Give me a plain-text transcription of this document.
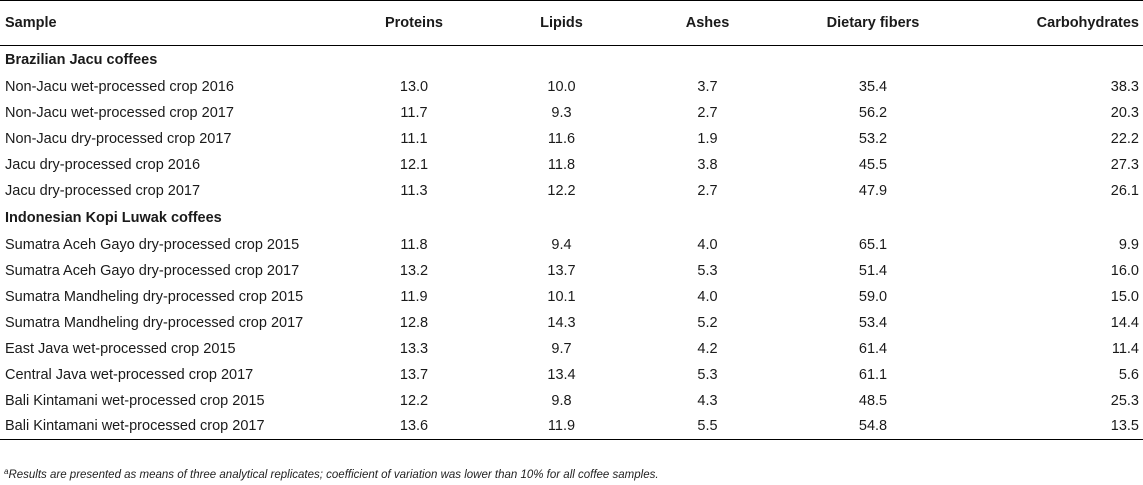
Sample	Proteins	Lipids	Ashes	Dietary fibers	Carbohydrates
Brazilian Jacu coffees					
Non-Jacu wet-processed crop 2016	13.0	10.0	3.7	35.4	38.3
Non-Jacu wet-processed crop 2017	11.7	9.3	2.7	56.2	20.3
Non-Jacu dry-processed crop 2017	11.1	11.6	1.9	53.2	22.2
Jacu dry-processed crop 2016	12.1	11.8	3.8	45.5	27.3
Jacu dry-processed crop 2017	11.3	12.2	2.7	47.9	26.1
Indonesian Kopi Luwak coffees					
Sumatra Aceh Gayo dry-processed crop 2015	11.8	9.4	4.0	65.1	9.9
Sumatra Aceh Gayo dry-processed crop 2017	13.2	13.7	5.3	51.4	16.0
Sumatra Mandheling dry-processed crop 2015	11.9	10.1	4.0	59.0	15.0
Sumatra Mandheling dry-processed crop 2017	12.8	14.3	5.2	53.4	14.4
East Java wet-processed crop 2015	13.3	9.7	4.2	61.4	11.4
Central Java wet-processed crop 2017	13.7	13.4	5.3	61.1	5.6
Bali Kintamani wet-processed crop 2015	12.2	9.8	4.3	48.5	25.3
Bali Kintamani wet-processed crop 2017	13.6	11.9	5.5	54.8	13.5
$^a$Results are presented as means of three analytical replicates; coefficient of variation was lower than 10% for all coffee samples.
